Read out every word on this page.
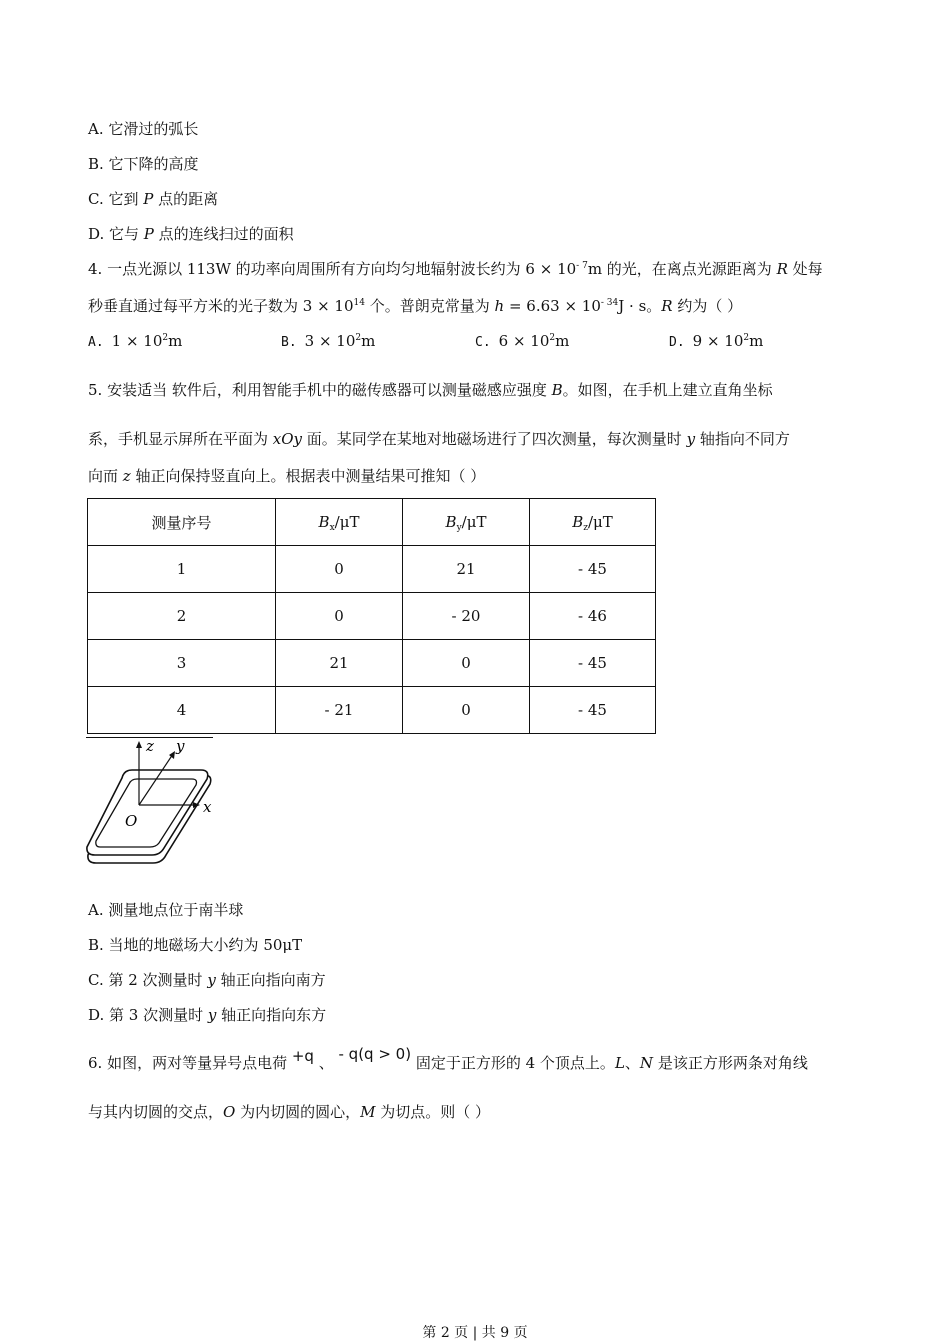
A. 它滑过的弧长
B. 它下降的高度
C. 它到 P 点的距离
D. 它与 P 点的连线扫过的面积
4. 一点光源以 113W 的功率向周围所有方向均匀地辐射波长约为 $6 \times 10^{- 7}m$ 的光，在离点光源距离为 R 处每
秒垂直通过每平方米的光子数为 $3 \times 10^{14}$ 个。普朗克常量为 $h = 6.63 \times 10^{- 34}J \cdot s$。R 约为（ ）
A. $1 \times 10^2m$	B. $3 \times 10^2m$	C. $6 \times 10^2m$	D. $9 \times 10^2m$
5. 安装适当 软件后，利用智能手机中的磁传感器可以测量磁感应强度 B。如图，在手机上建立直角坐标
系，手机显示屏所在平面为 xOy 面。某同学在某地对地磁场进行了四次测量，每次测量时 y 轴指向不同方
向而 z 轴正向保持竖直向上。根据表中测量结果可推知（ ）
测量序号	$B_x/\mu T$	$B_y/\mu T$	$B_z/\mu T$
1	0	21	- 45
2	0	- 20	- 46
3	21	0	- 45
4	- 21	0	- 45
z y
x
O
A. 测量地点位于南半球
B. 当地的地磁场大小约为 50μT
C. 第 2 次测量时 y 轴正向指向南方
D. 第 3 次测量时 y 轴正向指向东方
6. 如图，两对等量异号点电荷 +q 、 - q(q > 0) 固定于正方形的 4 个顶点上。L、N 是该正方形两条对角线
与其内切圆的交点，O 为内切圆的圆心，M 为切点。则（ ）
第 2 页 | 共 9 页
